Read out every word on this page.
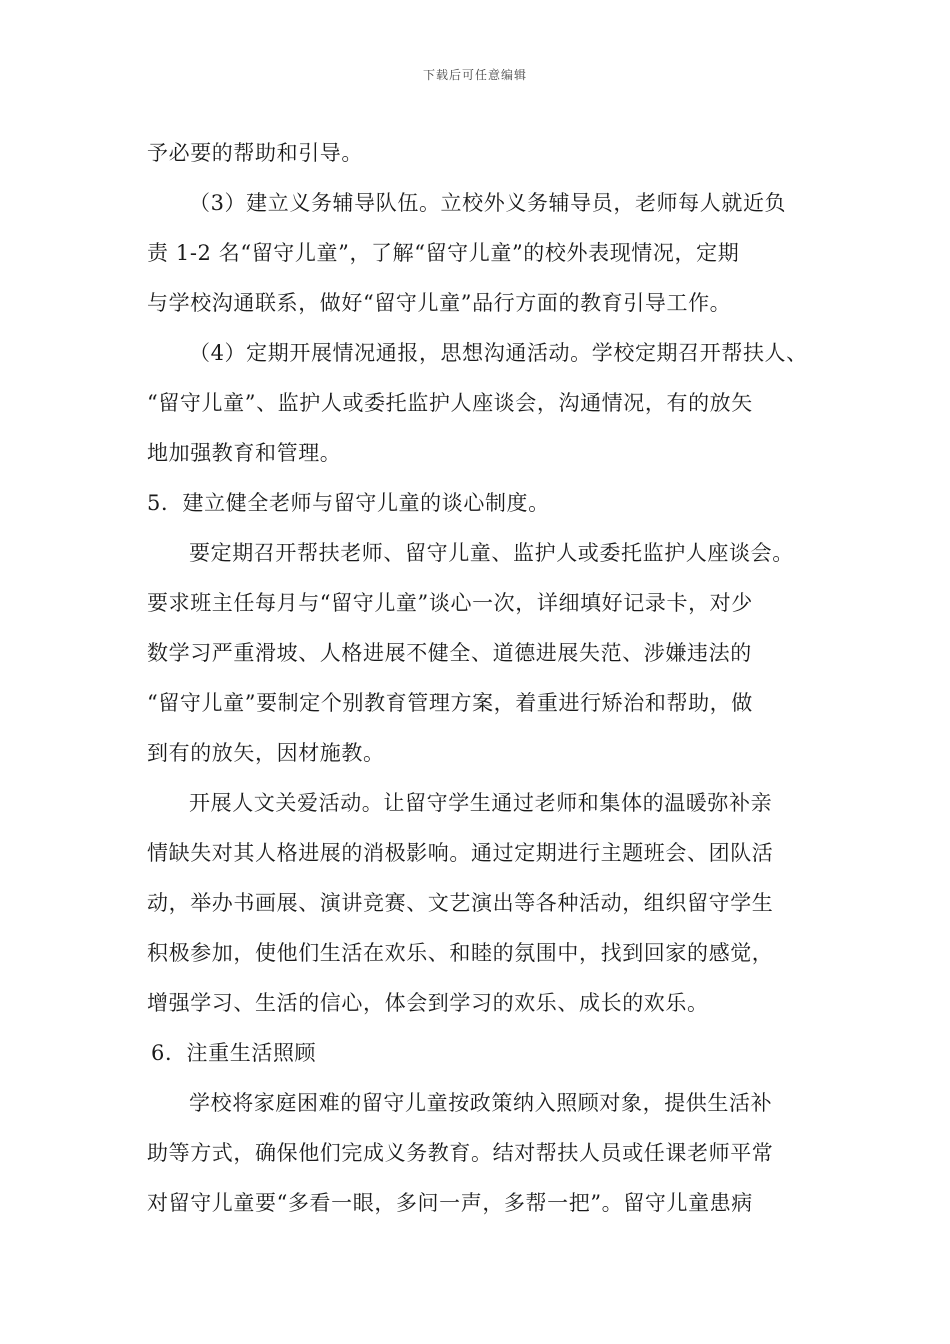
下载后可任意编辑
予必要的帮助和引导。
（3）建立义务辅导队伍。立校外义务辅导员，老师每人就近负
责 1-2 名“留守儿童”，了解“留守儿童”的校外表现情况，定期
与学校沟通联系，做好“留守儿童”品行方面的教育引导工作。
（4）定期开展情况通报，思想沟通活动。学校定期召开帮扶人、
“留守儿童”、监护人或委托监护人座谈会，沟通情况，有的放矢
地加强教育和管理。
5．建立健全老师与留守儿童的谈心制度。
要定期召开帮扶老师、留守儿童、监护人或委托监护人座谈会。
要求班主任每月与“留守儿童”谈心一次，详细填好记录卡，对少
数学习严重滑坡、人格进展不健全、道德进展失范、涉嫌违法的
“留守儿童”要制定个别教育管理方案，着重进行矫治和帮助，做
到有的放矢，因材施教。
开展人文关爱活动。让留守学生通过老师和集体的温暖弥补亲
情缺失对其人格进展的消极影响。通过定期进行主题班会、团队活
动，举办书画展、演讲竞赛、文艺演出等各种活动，组织留守学生
积极参加，使他们生活在欢乐、和睦的氛围中，找到回家的感觉，
增强学习、生活的信心，体会到学习的欢乐、成长的欢乐。
6．注重生活照顾
学校将家庭困难的留守儿童按政策纳入照顾对象，提供生活补
助等方式，确保他们完成义务教育。结对帮扶人员或任课老师平常
对留守儿童要“多看一眼，多问一声，多帮一把”。留守儿童患病
